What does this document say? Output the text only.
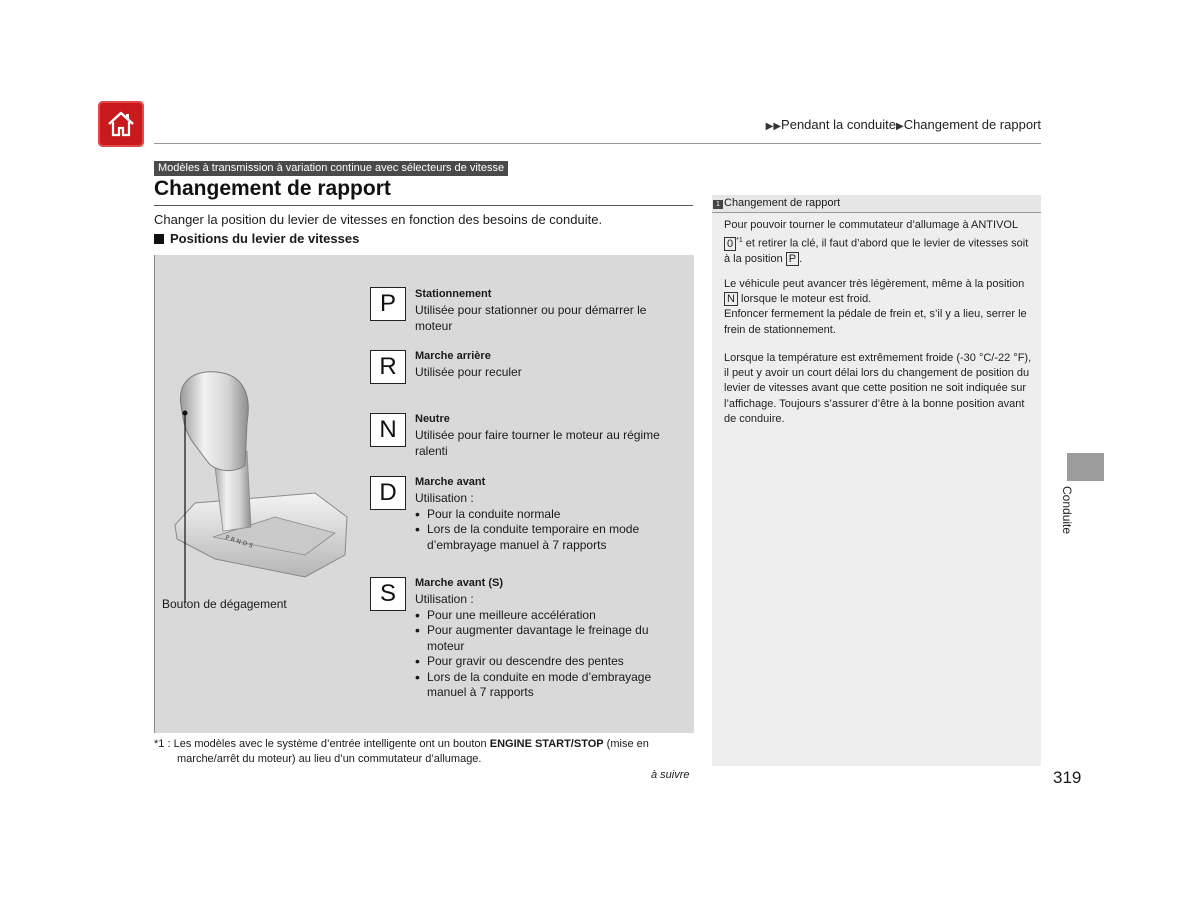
▶▶Pendant la conduite▶Changement de rapport
Modèles à transmission à variation continue avec sélecteurs de vitesse
Changement de rapport
Changer la position du levier de vitesses en fonction des besoins de conduite.
Positions du levier de vitesses
P R N D S
Bouton de dégagement
P	Stationnement
Utilisée pour stationner ou pour démarrer le moteur
R	Marche arrière
Utilisée pour reculer
N	Neutre
Utilisée pour faire tourner le moteur au régime ralenti
D	Marche avant
Utilisation :
• Pour la conduite normale
• Lors de la conduite temporaire en mode d’embrayage manuel à 7 rapports
S	Marche avant (S)
Utilisation :
• Pour une meilleure accélération
• Pour augmenter davantage le freinage du moteur
• Pour gravir ou descendre des pentes
• Lors de la conduite en mode d’embrayage manuel à 7 rapports
*1 : Les modèles avec le système d’entrée intelligente ont un bouton ENGINE START/STOP (mise en
marche/arrêt du moteur) au lieu d’un commutateur d’allumage.
à suivre
1 Changement de rapport
Pour pouvoir tourner le commutateur d’allumage à ANTIVOL
0 $^{*1}$ et retirer la clé, il faut d’abord que le levier de vitesses soit à la position P .
Le véhicule peut avancer très légèrement, même à la position
N lorsque le moteur est froid.
Enfoncer fermement la pédale de frein et, s’il y a lieu, serrer le frein de stationnement.
Lorsque la température est extrêmement froide (-30 °C/-22 °F), il peut y avoir un court délai lors du changement de position du levier de vitesses avant que cette position ne soit indiquée sur l’affichage. Toujours s’assurer d’être à la bonne position avant de conduire.
Conduite
319
